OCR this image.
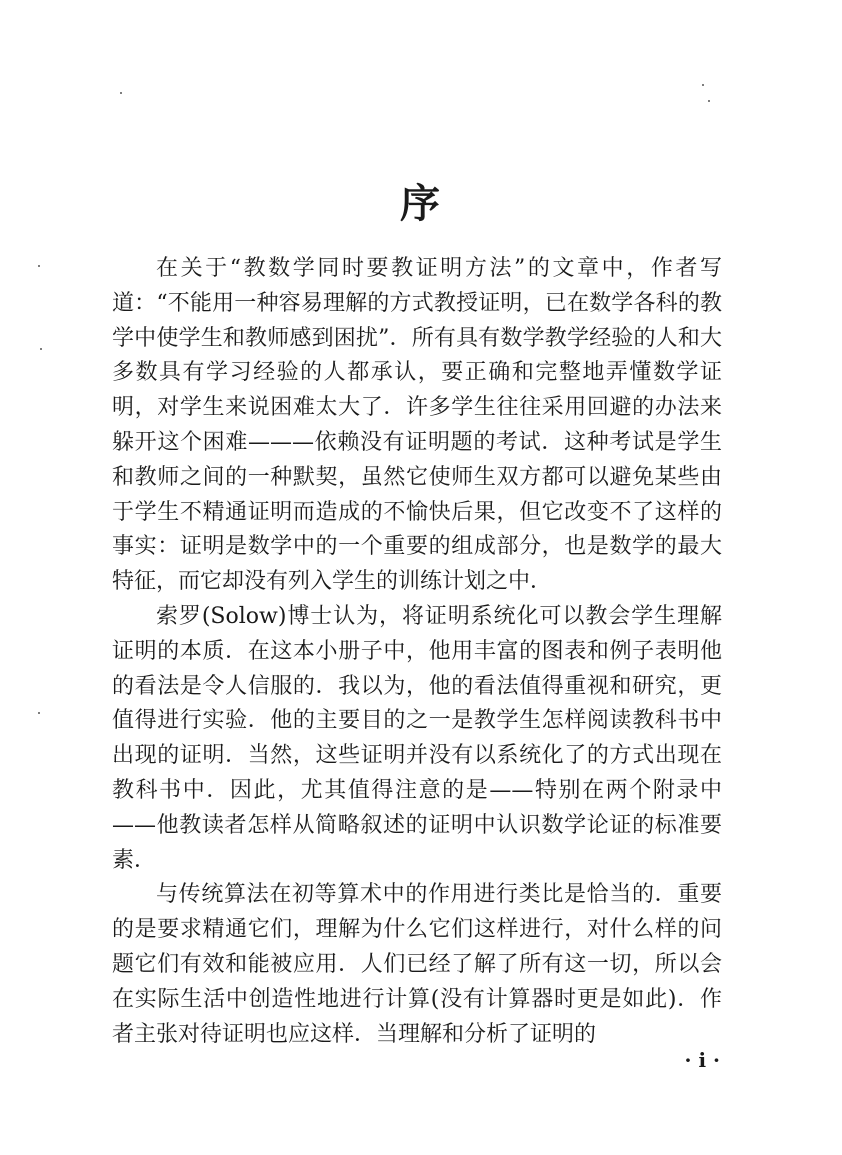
序

在关于“教数学同时要教证明方法”的文章中，作者写道：“不能用一种容易理解的方式教授证明，已在数学各科的教学中使学生和教师感到困扰”．所有具有数学教学经验的人和大多数具有学习经验的人都承认，要正确和完整地弄懂数学证明，对学生来说困难太大了．许多学生往往采用回避的办法来躲开这个困难———依赖没有证明题的考试．这种考试是学生和教师之间的一种默契，虽然它使师生双方都可以避免某些由于学生不精通证明而造成的不愉快后果，但它改变不了这样的事实：证明是数学中的一个重要的组成部分，也是数学的最大特征，而它却没有列入学生的训练计划之中．

索罗(Solow)博士认为，将证明系统化可以教会学生理解证明的本质．在这本小册子中，他用丰富的图表和例子表明他的看法是令人信服的．我以为，他的看法值得重视和研究，更值得进行实验．他的主要目的之一是教学生怎样阅读教科书中出现的证明．当然，这些证明并没有以系统化了的方式出现在教科书中．因此，尤其值得注意的是——特别在两个附录中——他教读者怎样从简略叙述的证明中认识数学论证的标准要素．

与传统算法在初等算术中的作用进行类比是恰当的．重要的是要求精通它们，理解为什么它们这样进行，对什么样的问题它们有效和能被应用．人们已经了解了所有这一切，所以会在实际生活中创造性地进行计算(没有计算器时更是如此)．作者主张对待证明也应这样．当理解和分析了证明的

· i ·
